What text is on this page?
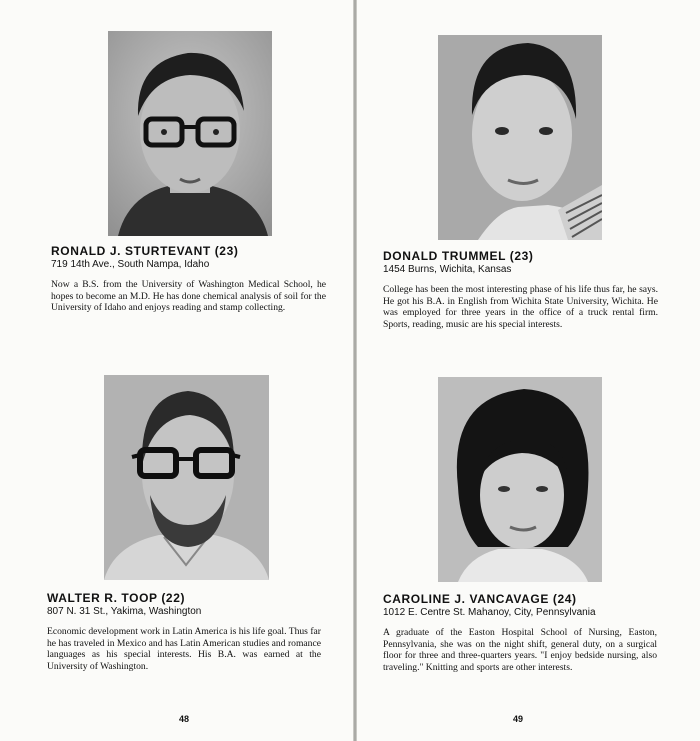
RONALD J. STURTEVANT (23)

719 14th Ave., South Nampa, Idaho

Now a B.S. from the University of Washington Medical School, he hopes to become an M.D. He has done chemical analysis of soil for the University of Idaho and enjoys reading and stamp collecting.

DONALD TRUMMEL (23)

1454 Burns, Wichita, Kansas

College has been the most interesting phase of his life thus far, he says. He got his B.A. in English from Wichita State University, Wichita. He was employed for three years in the office of a truck rental firm. Sports, reading, music are his special interests.

WALTER R. TOOP (22)

807 N. 31 St., Yakima, Washington

Economic development work in Latin America is his life goal. Thus far he has traveled in Mexico and has Latin American studies and romance languages as his special interests. His B.A. was earned at the University of Washington.

CAROLINE J. VANCAVAGE (24)

1012 E. Centre St. Mahanoy, City, Pennsylvania

A graduate of the Easton Hospital School of Nursing, Easton, Pennsylvania, she was on the night shift, general duty, on a surgical floor for three and three-quarters years. "I enjoy bedside nursing, also traveling." Knitting and sports are other interests.

48	49
